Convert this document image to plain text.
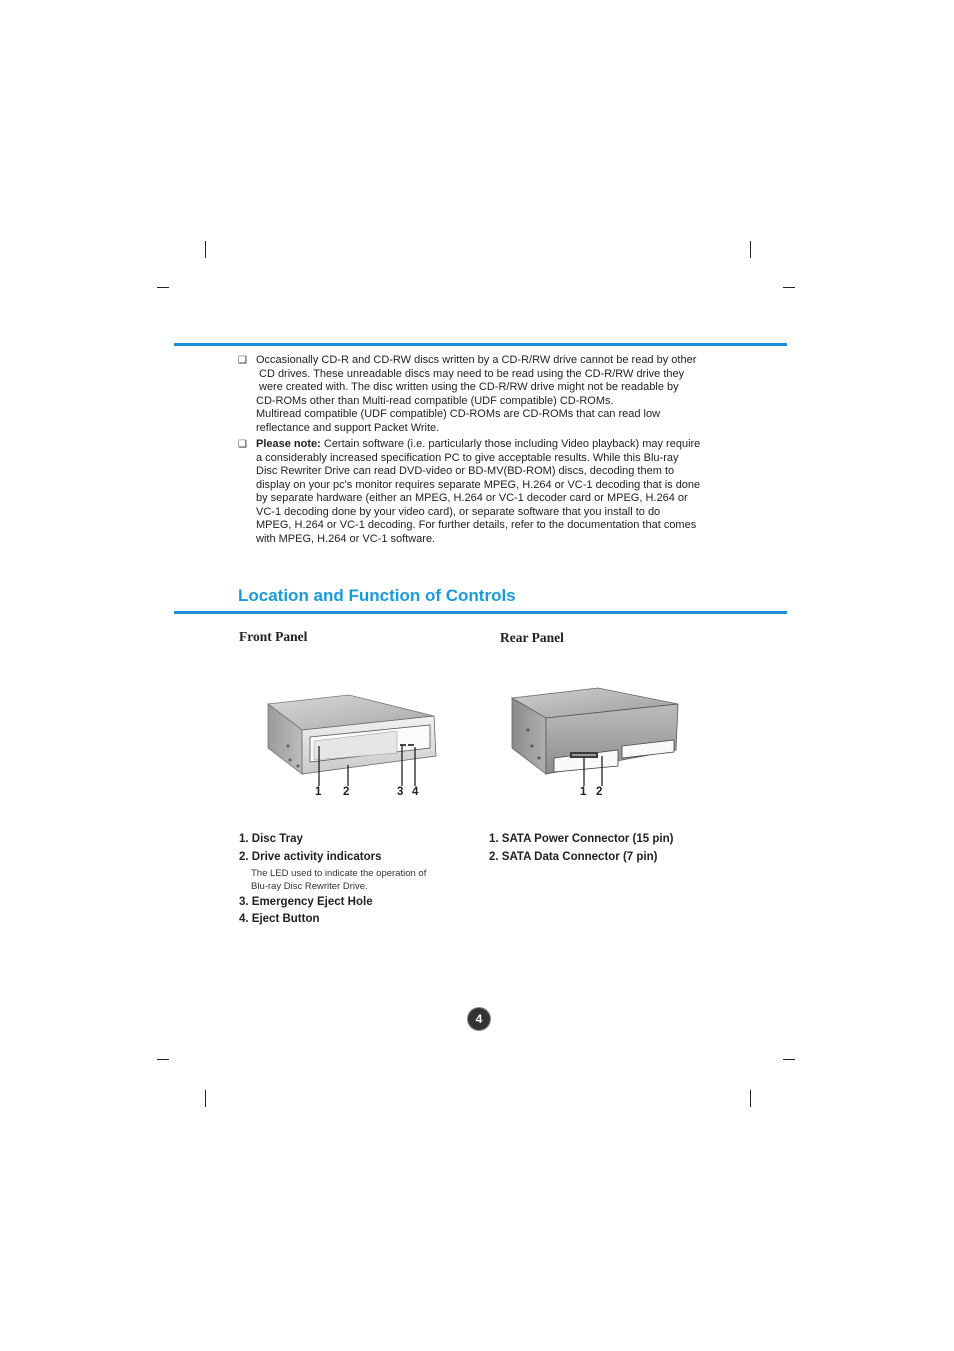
❑ Occasionally CD-R and CD-RW discs written by a CD-R/RW drive cannot be read by other
CD drives. These unreadable discs may need to be read using the CD-R/RW drive they
were created with. The disc written using the CD-R/RW drive might not be readable by
CD-ROMs other than Multi-read compatible (UDF compatible) CD-ROMs.
Multiread compatible (UDF compatible) CD-ROMs are CD-ROMs that can read low
reflectance and support Packet Write.
❑ Please note: Certain software (i.e. particularly those including Video playback) may require
a considerably increased specification PC to give acceptable results. While this Blu-ray
Disc Rewriter Drive can read DVD-video or BD-MV(BD-ROM) discs, decoding them to
display on your pc's monitor requires separate MPEG, H.264 or VC-1 decoding that is done
by separate hardware (either an MPEG, H.264 or VC-1 decoder card or MPEG, H.264 or
VC-1 decoding done by your video card), or separate software that you install to do
MPEG, H.264 or VC-1 decoding. For further details, refer to the documentation that comes
with MPEG, H.264 or VC-1 software.
Location and Function of Controls
Front Panel	Rear Panel
1 2	3 4	1 2
1. Disc Tray
2. Drive activity indicators
The LED used to indicate the operation of
Blu-ray Disc Rewriter Drive.
3. Emergency Eject Hole
4. Eject Button
1. SATA Power Connector (15 pin)
2. SATA Data Connector (7 pin)
4
